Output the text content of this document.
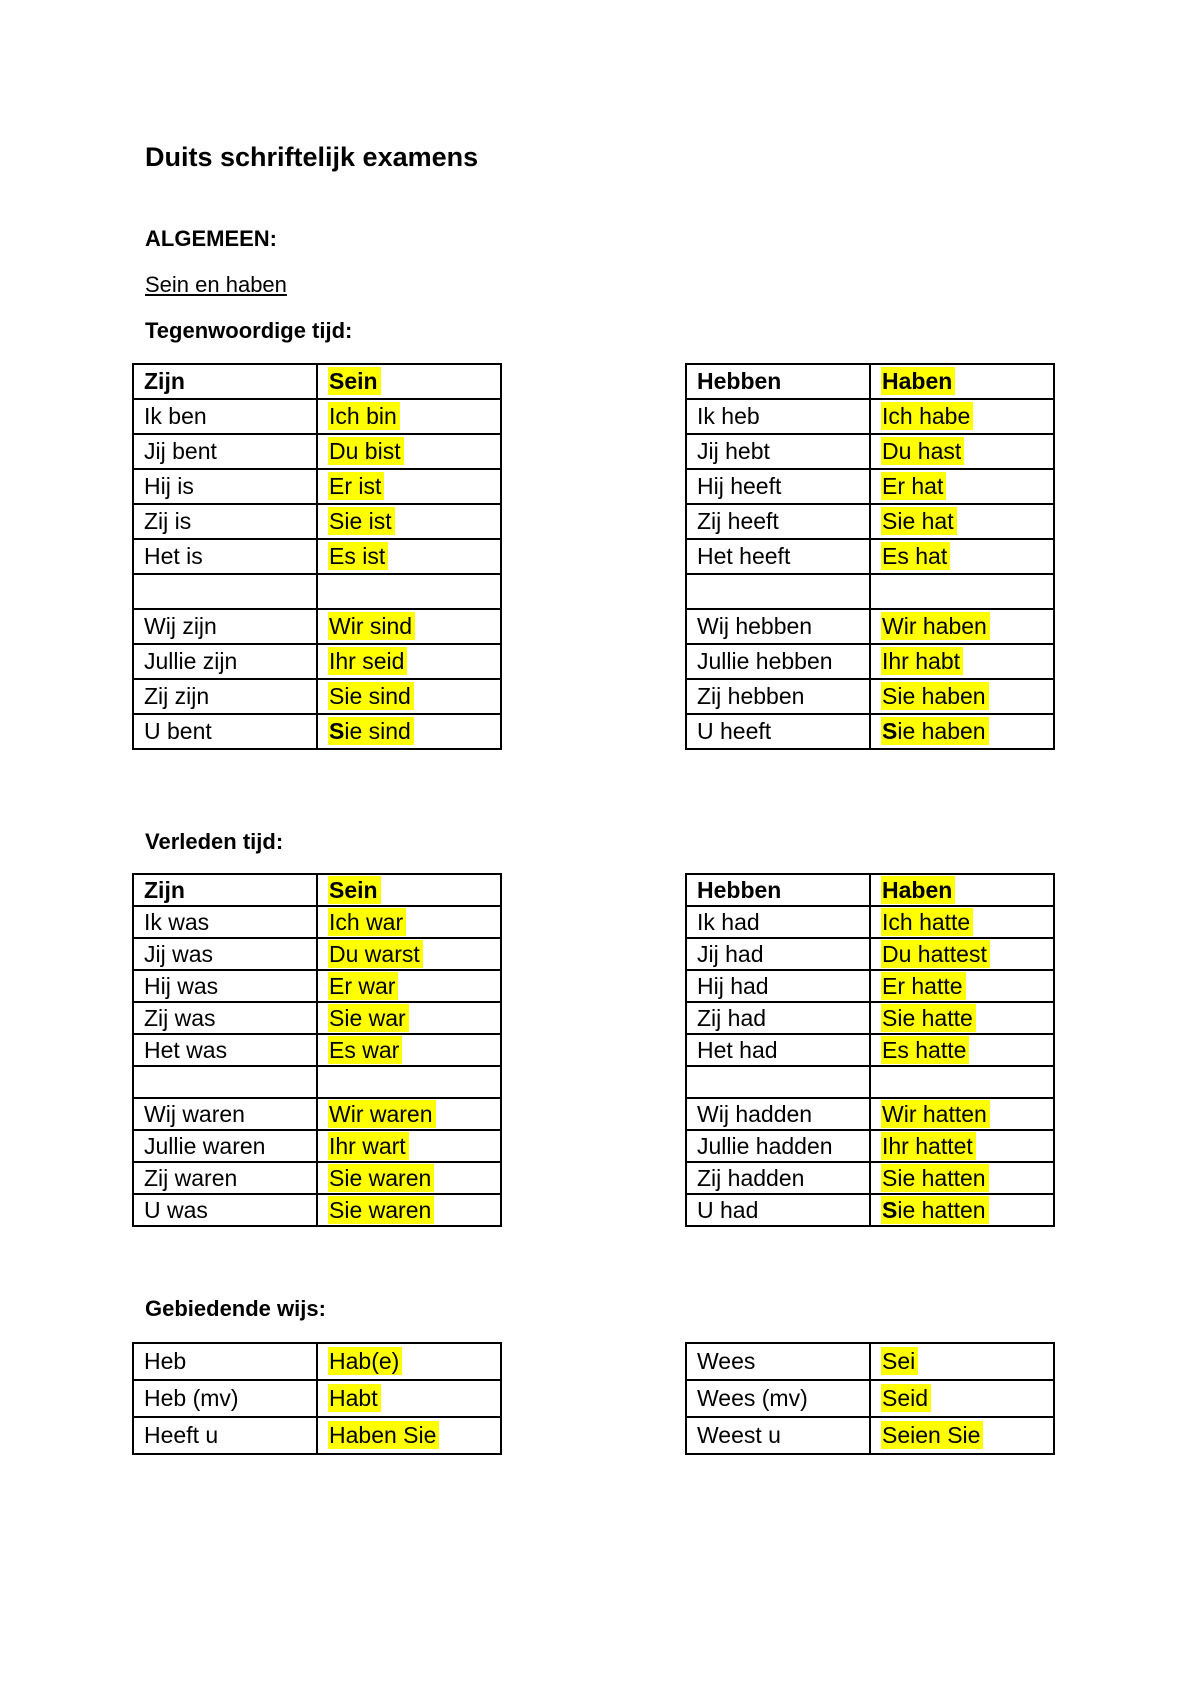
Duits schriftelijk examens
ALGEMEEN:
Sein en haben
Tegenwoordige tijd:
Zijn	Sein
Ik ben	Ich bin
Jij bent	Du bist
Hij is	Er ist
Zij is	Sie ist
Het is	Es ist

Wij zijn	Wir sind
Jullie zijn	Ihr seid
Zij zijn	Sie sind
U bent	Sie sind
Hebben	Haben
Ik heb	Ich habe
Jij hebt	Du hast
Hij heeft	Er hat
Zij heeft	Sie hat
Het heeft	Es hat

Wij hebben	Wir haben
Jullie hebben	Ihr habt
Zij hebben	Sie haben
U heeft	Sie haben
Verleden tijd:
Zijn	Sein
Ik was	Ich war
Jij was	Du warst
Hij was	Er war
Zij was	Sie war
Het was	Es war

Wij waren	Wir waren
Jullie waren	Ihr wart
Zij waren	Sie waren
U was	Sie waren
Hebben	Haben
Ik had	Ich hatte
Jij had	Du hattest
Hij had	Er hatte
Zij had	Sie hatte
Het had	Es hatte

Wij hadden	Wir hatten
Jullie hadden	Ihr hattet
Zij hadden	Sie hatten
U had	Sie hatten
Gebiedende wijs:
Heb	Hab(e)
Heb (mv)	Habt
Heeft u	Haben Sie
Wees	Sei
Wees (mv)	Seid
Weest u	Seien Sie
